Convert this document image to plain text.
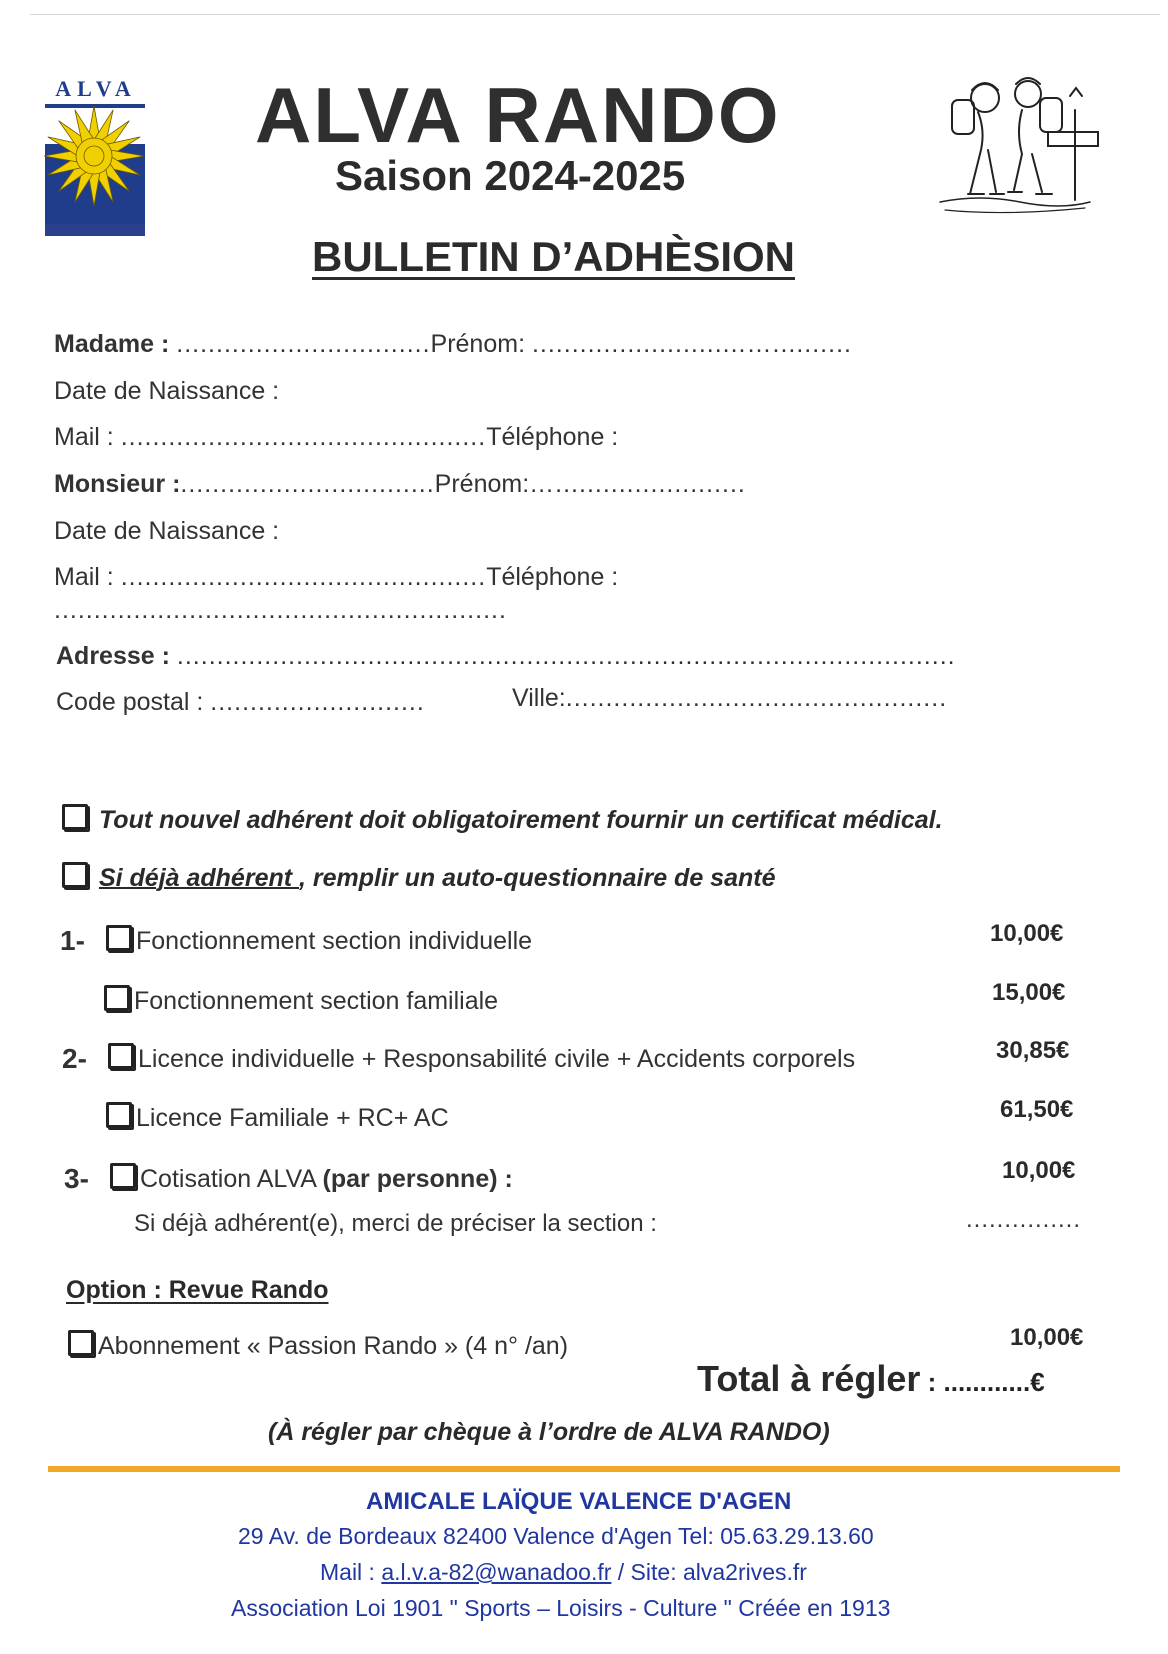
ALVA ALVA RANDO
Saison 2024-2025
BULLETIN D’ADHÈSION
Madame : ................................Prénom: ...........................…..........
Date de Naissance :
Mail : ..............................................Téléphone :
Monsieur :................................Prénom:…........................
Date de Naissance :
Mail : ..............................................Téléphone :
.........................................................
Adresse : ..................................................................................................
Code postal : ...........................	Ville:................................................
Tout nouvel adhérent doit obligatoirement fournir un certificat médical.
Si déjà adhérent , remplir un auto-questionnaire de santé
1-	Fonctionnement section individuelle	10,00€
Fonctionnement section familiale	15,00€
2-	Licence individuelle + Responsabilité civile + Accidents corporels	30,85€
Licence Familiale + RC+ AC	61,50€
3-	Cotisation ALVA (par personne) :	10,00€
Si déjà adhérent(e), merci de préciser la section :	...............
Option : Revue Rando
Abonnement « Passion Rando » (4 n° /an)	10,00€
Total à régler : ............€
(À régler par chèque à l’ordre de ALVA RANDO)
AMICALE LAÏQUE VALENCE D'AGEN
29 Av. de Bordeaux 82400 Valence d'Agen Tel: 05.63.29.13.60
Mail : a.l.v.a-82@wanadoo.fr / Site: alva2rives.fr
Association Loi 1901 " Sports – Loisirs - Culture " Créée en 1913
